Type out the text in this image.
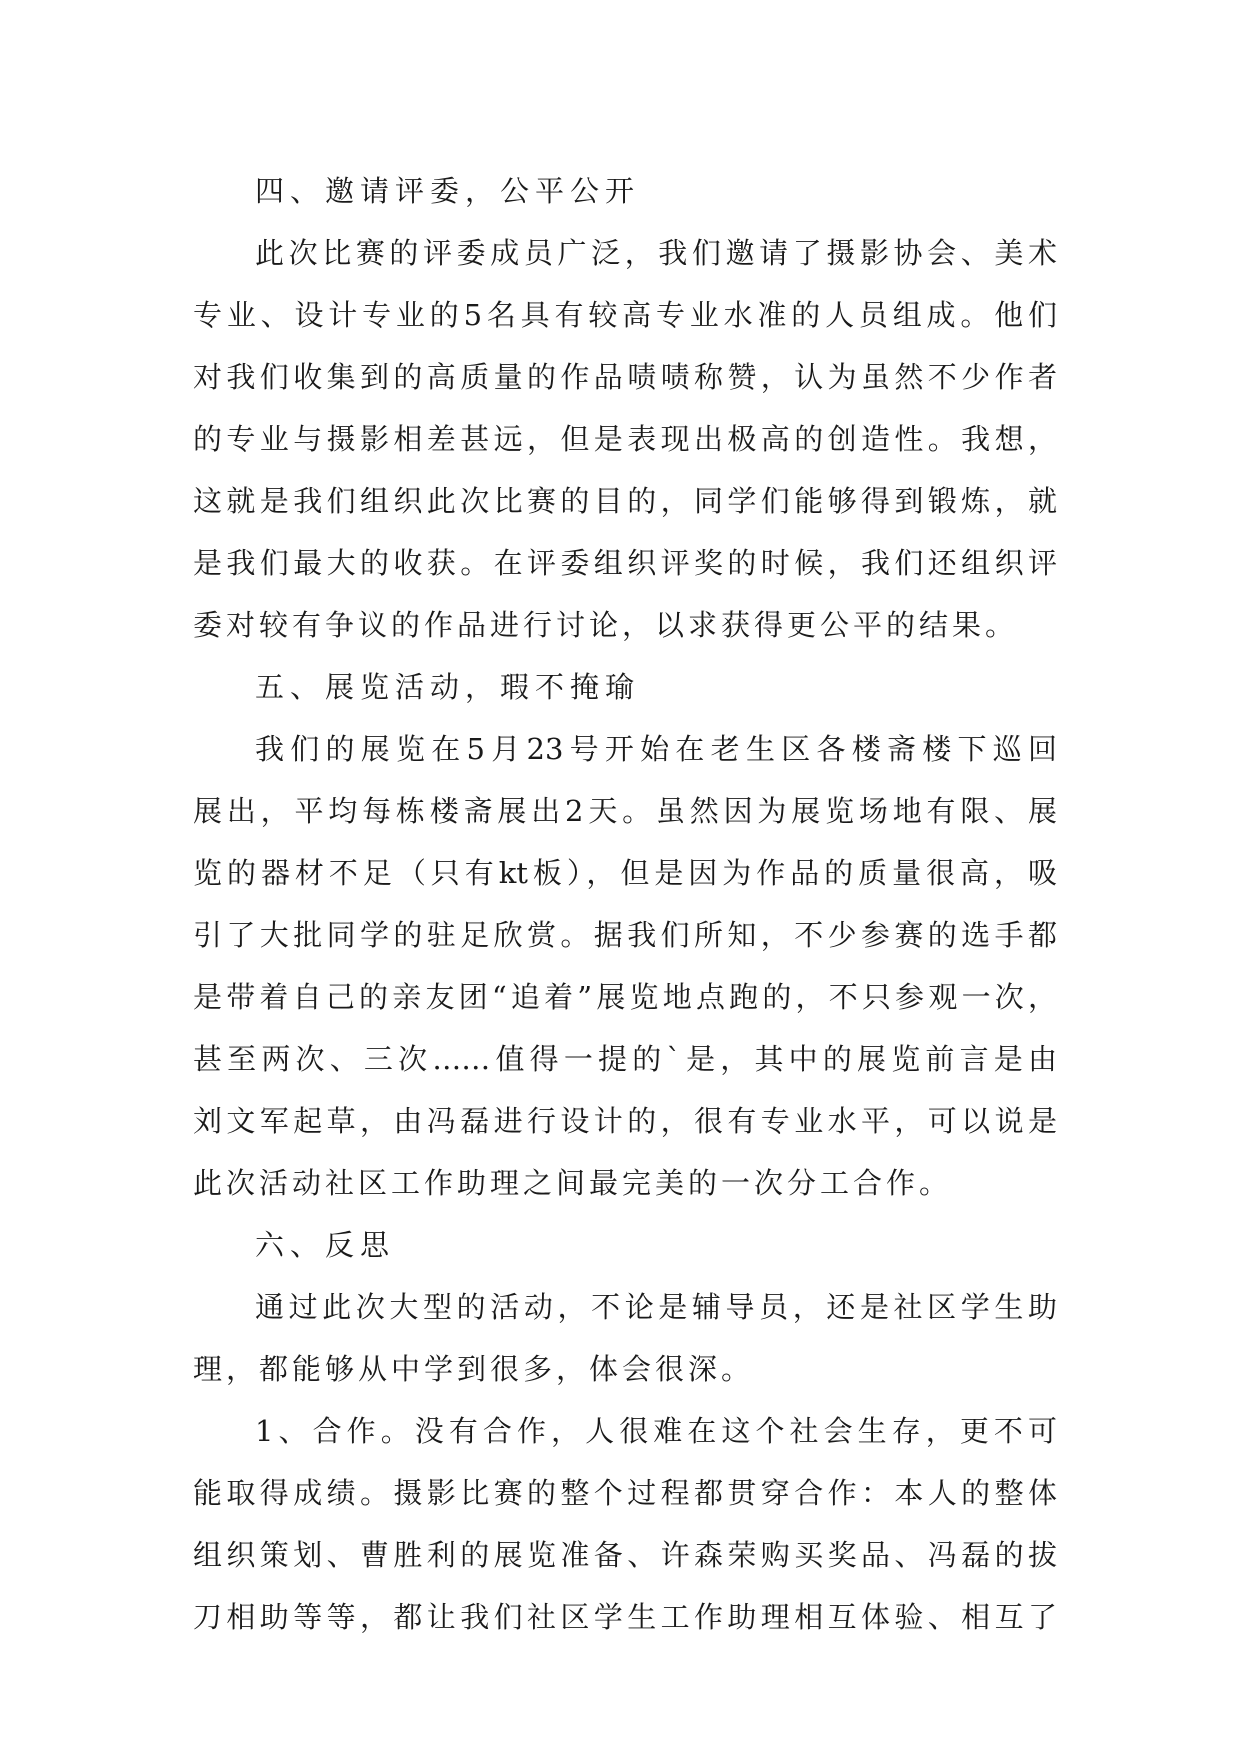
四、邀请评委，公平公开
此次比赛的评委成员广泛，我们邀请了摄影协会、美术
专业、设计专业的5名具有较高专业水准的人员组成。他们
对我们收集到的高质量的作品啧啧称赞，认为虽然不少作者
的专业与摄影相差甚远，但是表现出极高的创造性。我想，
这就是我们组织此次比赛的目的，同学们能够得到锻炼，就
是我们最大的收获。在评委组织评奖的时候，我们还组织评
委对较有争议的作品进行讨论，以求获得更公平的结果。
五、展览活动，瑕不掩瑜
我们的展览在5月23号开始在老生区各楼斋楼下巡回
展出，平均每栋楼斋展出2天。虽然因为展览场地有限、展
览的器材不足（只有kt板），但是因为作品的质量很高，吸
引了大批同学的驻足欣赏。据我们所知，不少参赛的选手都
是带着自己的亲友团“追着”展览地点跑的，不只参观一次，
甚至两次、三次……值得一提的`是，其中的展览前言是由
刘文军起草，由冯磊进行设计的，很有专业水平，可以说是
此次活动社区工作助理之间最完美的一次分工合作。
六、反思
通过此次大型的活动，不论是辅导员，还是社区学生助
理，都能够从中学到很多，体会很深。
1、合作。没有合作，人很难在这个社会生存，更不可
能取得成绩。摄影比赛的整个过程都贯穿合作：本人的整体
组织策划、曹胜利的展览准备、许森荣购买奖品、冯磊的拔
刀相助等等，都让我们社区学生工作助理相互体验、相互了
